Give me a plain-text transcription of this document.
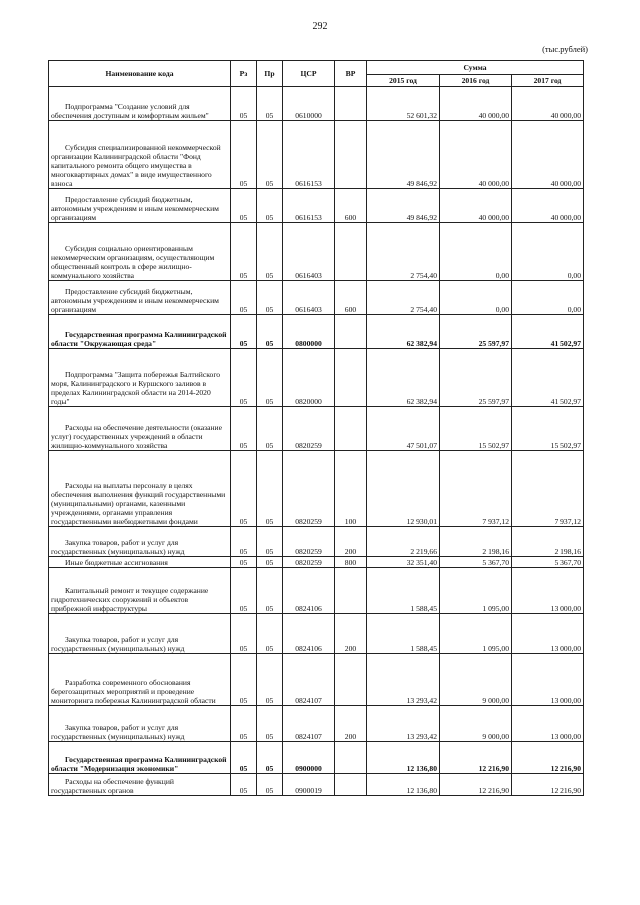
292
(тыс.рублей)
Наименование кода	Рз	Пр	ЦСР	ВР	Сумма		
					2015 год	2016 год	2017 год
Подпрограмма "Создание условий для обеспечения доступным и комфортным жильем"	05	05	0610000		52 601,32	40 000,00	40 000,00
Субсидия специализированной некоммерческой организации Калининградской области "Фонд капитального ремонта общего имущества в многоквартирных домах" в виде имущественного взноса	05	05	0616153		49 846,92	40 000,00	40 000,00
Предоставление субсидий бюджетным, автономным учреждениям и иным некоммерческим организациям	05	05	0616153	600	49 846,92	40 000,00	40 000,00
Субсидия социально ориентированным некоммерческим организациям, осуществляющим общественный контроль в сфере жилищно-коммунального хозяйства	05	05	0616403		2 754,40	0,00	0,00
Предоставление субсидий бюджетным, автономным учреждениям и иным некоммерческим организациям	05	05	0616403	600	2 754,40	0,00	0,00
Государственная программа Калининградской области "Окружающая среда"	05	05	0800000		62 382,94	25 597,97	41 502,97
Подпрограмма "Защита побережья Балтийского моря, Калининградского и Куршского заливов в пределах Калининградской области на 2014-2020 годы"	05	05	0820000		62 382,94	25 597,97	41 502,97
Расходы на обеспечение деятельности (оказание услуг) государственных учреждений в области жилищно-коммунального хозяйства	05	05	0820259		47 501,07	15 502,97	15 502,97
Расходы на выплаты персоналу в целях обеспечения выполнения функций государственными (муниципальными) органами, казенными учреждениями, органами управления государственными внебюджетными фондами	05	05	0820259	100	12 930,01	7 937,12	7 937,12
Закупка товаров, работ и услуг для государственных (муниципальных) нужд	05	05	0820259	200	2 219,66	2 198,16	2 198,16
Иные бюджетные ассигнования	05	05	0820259	800	32 351,40	5 367,70	5 367,70
Капитальный ремонт и текущее содержание гидротехнических сооружений и объектов прибрежной инфраструктуры	05	05	0824106		1 588,45	1 095,00	13 000,00
Закупка товаров, работ и услуг для государственных (муниципальных) нужд	05	05	0824106	200	1 588,45	1 095,00	13 000,00
Разработка современного обоснования берегозащитных мероприятий и проведение мониторинга побережья Калининградской области	05	05	0824107		13 293,42	9 000,00	13 000,00
Закупка товаров, работ и услуг для государственных (муниципальных) нужд	05	05	0824107	200	13 293,42	9 000,00	13 000,00
Государственная программа Калининградской области "Модернизация экономики"	05	05	0900000		12 136,80	12 216,90	12 216,90
Расходы на обеспечение функций государственных органов	05	05	0900019		12 136,80	12 216,90	12 216,90
